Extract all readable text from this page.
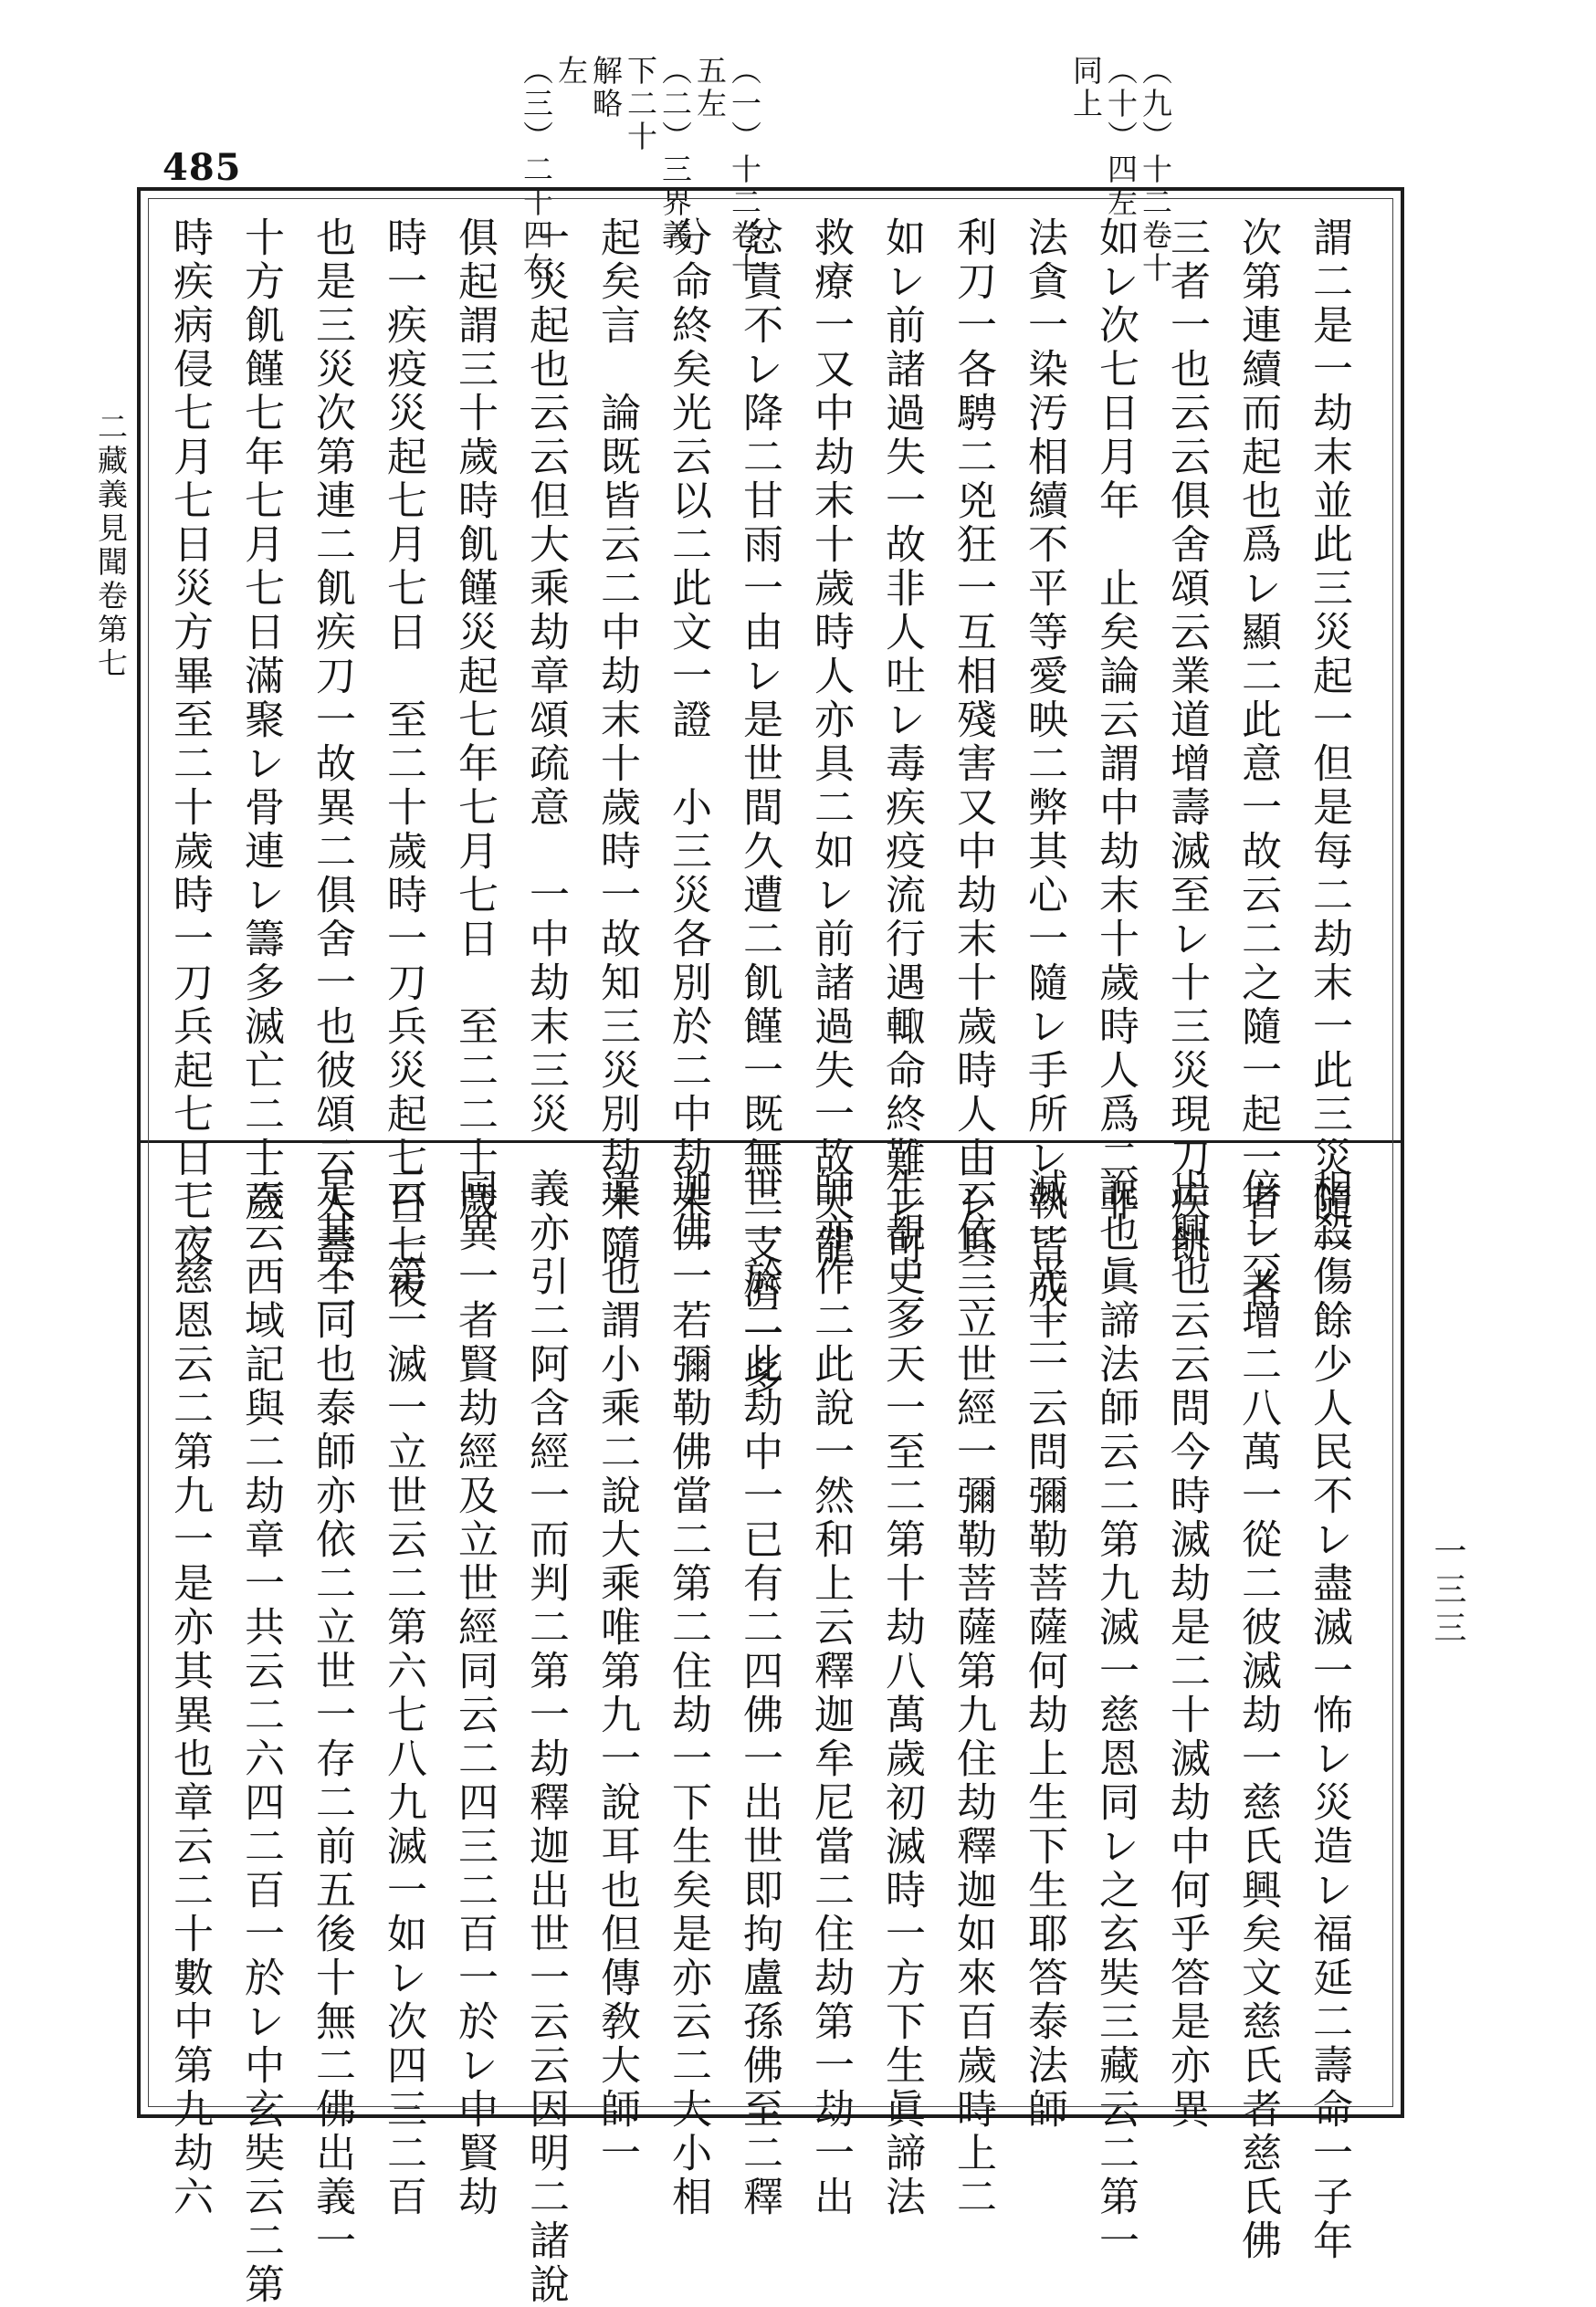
485	（九）十二卷十
（十）四左
同上
（一）十二卷十
五左
（二）三界義
下二十
解略
左
（三）二十四右
二藏義見聞卷第七	謂二是一劫末並此三災起一但是每二劫末一此三災隨一
次第連續而起也爲レ顯二此意一故云二之隨一起一者二者
三者一也云云俱舍頌云業道增壽滅至レ十三災現刀疾飢
如レ次七日月年　止矣論云謂中劫末十歲時人爲二非
法貪一染汚相續不平等愛映二弊其心一隨レ手所レ執皆成二
利刀一各騁二兇狂一互相殘害又中劫末十歲時人由レ具二
如レ前諸過失一故非人吐レ毒疾疫流行遇輙命終難レ可二
救療一又中劫末十歲時人亦具二如レ前諸過失一故天龍
忿責不レ降二甘雨一由レ是世間久遭二飢饉一既無二支濟一多
分命終矣光云以二此文一證　小三災各別於二中劫末一
起矣言　論既皆云二中劫末十歲時一故知三災別劫末隨
一災起也云云但大乘劫章頌疏意　一中劫末三災
俱起謂三十歲時飢饉災起七年七月七日　至二二十歲
時一疾疫災起七月七日　至二十歲時一刀兵災起七日七夜
也是三災次第連二飢疾刀一故異二俱舍一也彼頌云人壽三
十方飢饉七年七月七日滿聚レ骨連レ籌多滅亡二十歲
時疾病侵七月七日災方畢至二十歲時一刀兵起七日七夜
相殺傷餘少人民不レ盡滅一怖レ災造レ福延二壽命一子年
倍レ父增二八萬一從二彼滅劫一慈氏興矣文慈氏者慈氏佛
出興也云云問今時滅劫是二十滅劫中何乎答是亦異
說也眞諦法師云二第九滅一慈恩同レ之玄奘三藏云二第一
滅一光十一云問彌勒菩薩何劫上生下生耶答泰法師
云依二立世經一彌勒菩薩第九住劫釋迦如來百歲時上二
生覩史多天一至二第十劫八萬歲初滅時一方下生眞諦法
師亦作二此說一然和上云釋迦牟尼當二住劫第一劫一出
世一於二此劫中一已有二四佛一出世即拘盧孫佛至二釋
迦佛一若彌勒佛當二第二住劫一下生矣是亦云二大小相
違一也謂小乘二說大乘唯第九一說耳也但傳敎大師一
義亦引二阿含經一而判二第一劫釋迦出世一云云因明二諸說
同異一者賢劫經及立世經同云二四三二百一於レ中賢劫
云二第一滅一立世云二第六七八九滅一如レ次四三二百
是其不同也泰師亦依二立世一存二前五後十無二佛出義一
云云西域記與二劫章一共云二六四二百一於レ中玄奘云二第
一一慈恩云二第九一是亦其異也章云二十數中第九劫六	一三三
